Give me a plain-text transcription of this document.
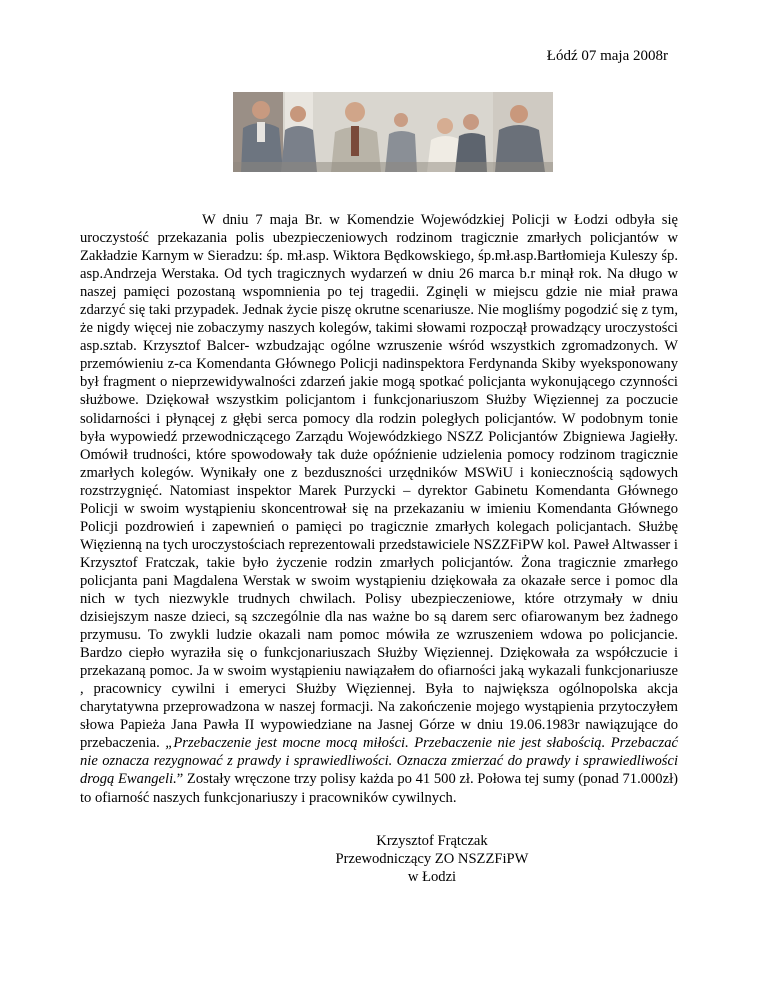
Łódź 07 maja 2008r

W dniu 7 maja Br. w Komendzie Wojewódzkiej Policji w Łodzi odbyła się uroczystość przekazania polis ubezpieczeniowych rodzinom tragicznie zmarłych policjantów w Zakładzie Karnym w Sieradzu: śp. mł.asp. Wiktora Będkowskiego, śp.mł.asp.Bartłomieja Kuleszy śp. asp.Andrzeja Werstaka. Od tych tragicznych wydarzeń w dniu 26 marca b.r minął rok. Na długo w naszej pamięci pozostaną wspomnienia po tej tragedii. Zginęli w miejscu gdzie nie miał prawa zdarzyć się taki przypadek. Jednak życie piszę okrutne scenariusze. Nie mogliśmy pogodzić się z tym, że nigdy więcej nie zobaczymy naszych kolegów, takimi słowami rozpoczął prowadzący uroczystości asp.sztab. Krzysztof Balcer- wzbudzając ogólne wzruszenie wśród wszystkich zgromadzonych. W przemówieniu z-ca Komendanta Głównego Policji nadinspektora Ferdynanda Skiby wyeksponowany był fragment o nieprzewidywalności zdarzeń jakie mogą spotkać policjanta wykonującego czynności służbowe. Dziękował wszystkim policjantom i funkcjonariuszom Służby Więziennej za poczucie solidarności i płynącej z głębi serca pomocy dla rodzin poległych policjantów. W podobnym tonie była wypowiedź przewodniczącego Zarządu Wojewódzkiego NSZZ Policjantów Zbigniewa Jagiełły. Omówił trudności, które spowodowały tak duże opóźnienie udzielenia pomocy rodzinom tragicznie zmarłych kolegów. Wynikały one z bezduszności urzędników MSWiU i koniecznością sądowych rozstrzygnięć. Natomiast inspektor Marek Purzycki – dyrektor Gabinetu Komendanta Głównego Policji w swoim wystąpieniu skoncentrował się na przekazaniu w imieniu Komendanta Głównego Policji pozdrowień i zapewnień o pamięci po tragicznie zmarłych kolegach policjantach. Służbę Więzienną na tych uroczystościach reprezentowali przedstawiciele NSZZFiPW kol. Paweł Altwasser i Krzysztof Fratczak, takie było życzenie rodzin zmarłych policjantów. Żona tragicznie zmarłego policjanta pani Magdalena Werstak w swoim wystąpieniu dziękowała za okazałe serce i pomoc dla nich w tych niezwykle trudnych chwilach. Polisy ubezpieczeniowe, które otrzymały w dniu dzisiejszym nasze dzieci, są szczególnie dla nas ważne bo są darem serc ofiarowanym bez żadnego przymusu. To zwykli ludzie okazali nam pomoc mówiła ze wzruszeniem wdowa po policjancie. Bardzo ciepło wyraziła się o funkcjonariuszach Służby Więziennej. Dziękowała za współczucie i przekazaną pomoc. Ja w swoim wystąpieniu nawiązałem do ofiarności jaką wykazali funkcjonariusze , pracownicy cywilni i emeryci Służby Więziennej. Była to największa ogólnopolska akcja charytatywna przeprowadzona w naszej formacji. Na zakończenie mojego wystąpienia przytoczyłem słowa Papieża Jana Pawła II wypowiedziane na Jasnej Górze w dniu 19.06.1983r nawiązujące do przebaczenia. „Przebaczenie jest mocne mocą miłości. Przebaczenie nie jest słabością. Przebaczać nie oznacza rezygnować z prawdy i sprawiedliwości. Oznacza zmierzać do prawdy i sprawiedliwości drogą Ewangeli.” Zostały wręczone trzy polisy każda po 41 500 zł. Połowa tej sumy (ponad 71.000zł) to ofiarność naszych funkcjonariuszy i pracowników cywilnych.

Krzysztof Frątczak
Przewodniczący ZO NSZZFiPW
w Łodzi
